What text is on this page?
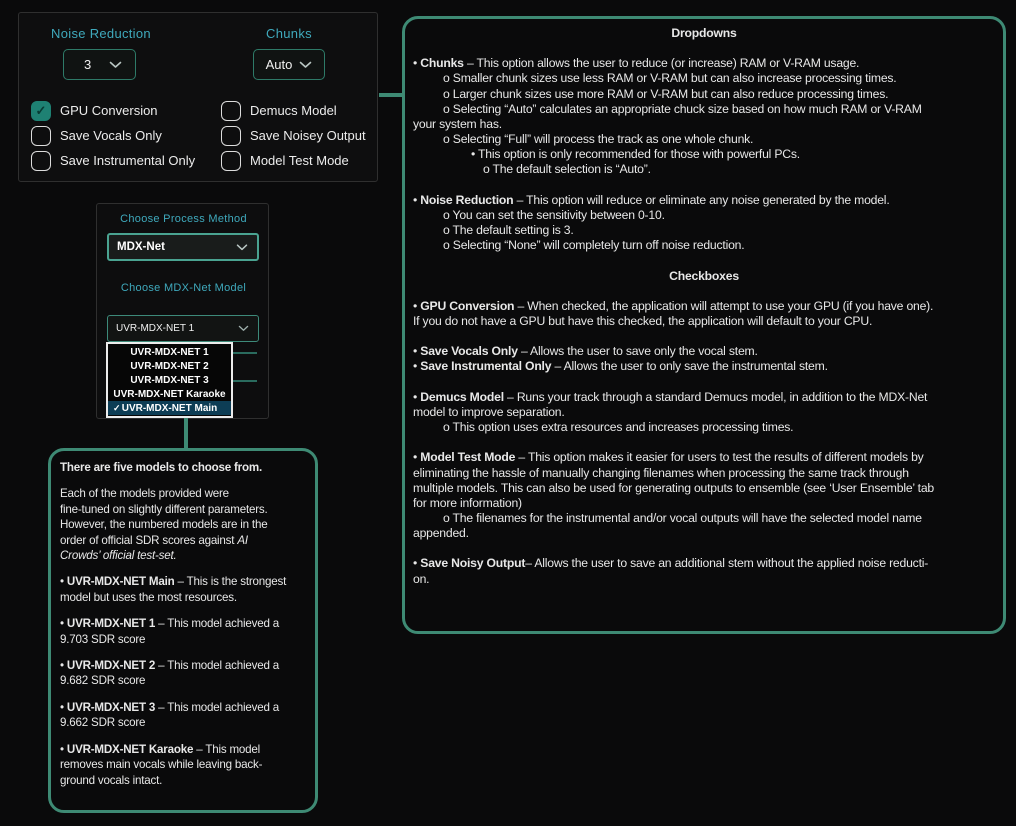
Noise Reduction	Chunks
3	Auto
✓ GPU Conversion
Save Vocals Only
Save Instrumental Only
Demucs Model
Save Noisey Output
Model Test Mode
Choose Process Method
MDX-Net
Choose MDX-Net Model
UVR-MDX-NET 1
UVR-MDX-NET 1
UVR-MDX-NET 2
UVR-MDX-NET 3
UVR-MDX-NET Karaoke
✓ UVR-MDX-NET Main
There are five models to choose from.
Each of the models provided were
fine-tuned on slightly different parameters.
However, the numbered models are in the
order of official SDR scores against AI
Crowds’ official test-set.
• UVR-MDX-NET Main – This is the strongest
model but uses the most resources.
• UVR-MDX-NET 1 – This model achieved a
9.703 SDR score
• UVR-MDX-NET 2 – This model achieved a
9.682 SDR score
• UVR-MDX-NET 3 – This model achieved a
9.662 SDR score
• UVR-MDX-NET Karaoke – This model
removes main vocals while leaving back-
ground vocals intact.
Dropdowns

• Chunks – This option allows the user to reduce (or increase) RAM or V-RAM usage.
o Smaller chunk sizes use less RAM or V-RAM but can also increase processing times.
o Larger chunk sizes use more RAM or V-RAM but can also reduce processing times.
o Selecting “Auto” calculates an appropriate chuck size based on how much RAM or V-RAM
your system has.
o Selecting “Full” will process the track as one whole chunk.
• This option is only recommended for those with powerful PCs.
o The default selection is “Auto”.

• Noise Reduction – This option will reduce or eliminate any noise generated by the model.
o You can set the sensitivity between 0-10.
o The default setting is 3.
o Selecting “None” will completely turn off noise reduction.

Checkboxes

• GPU Conversion – When checked, the application will attempt to use your GPU (if you have one).
If you do not have a GPU but have this checked, the application will default to your CPU.

• Save Vocals Only – Allows the user to save only the vocal stem.
• Save Instrumental Only – Allows the user to only save the instrumental stem.

• Demucs Model – Runs your track through a standard Demucs model, in addition to the MDX-Net
model to improve separation.
o This option uses extra resources and increases processing times.

• Model Test Mode – This option makes it easier for users to test the results of different models by
eliminating the hassle of manually changing filenames when processing the same track through
multiple models. This can also be used for generating outputs to ensemble (see ‘User Ensemble’ tab
for more information)
o The filenames for the instrumental and/or vocal outputs will have the selected model name
appended.

• Save Noisy Output– Allows the user to save an additional stem without the applied noise reducti-
on.
